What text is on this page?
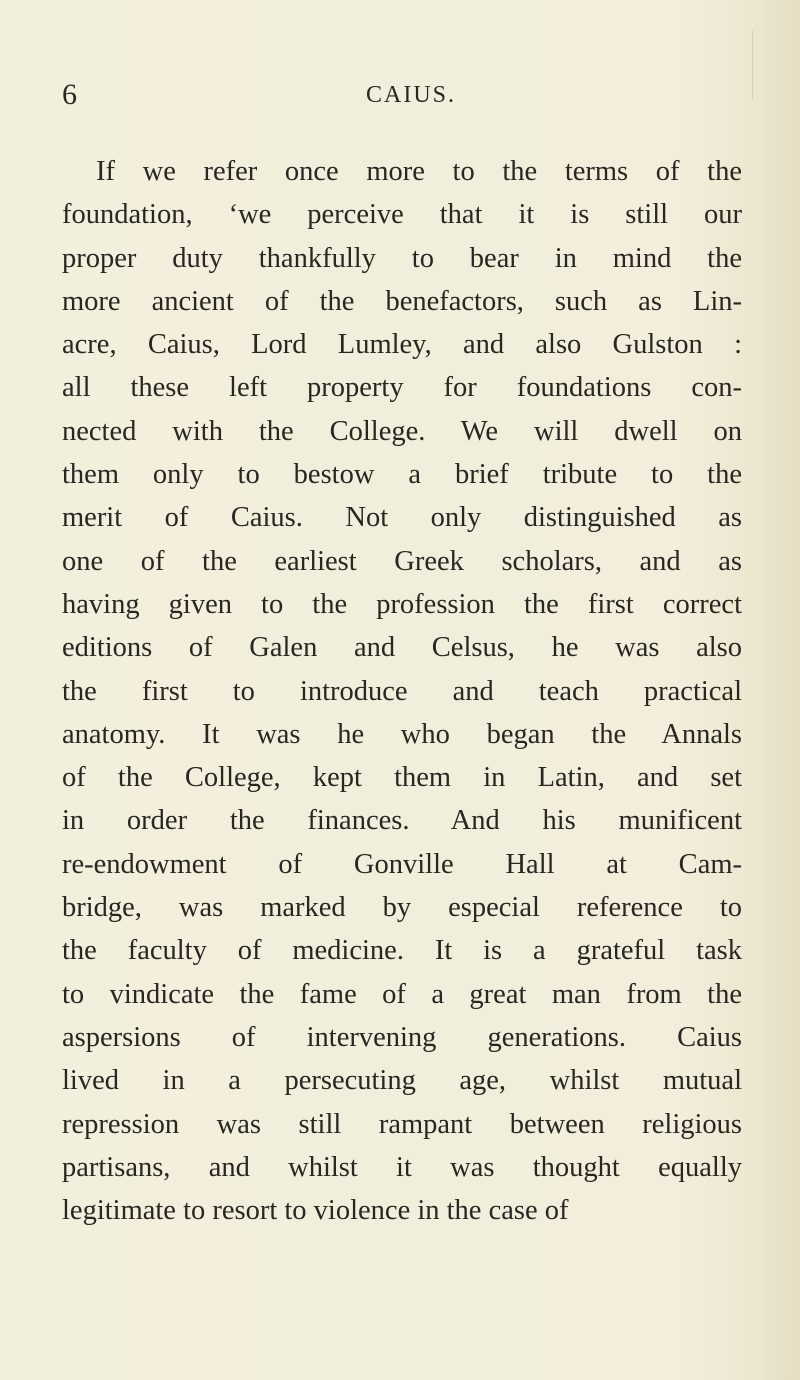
6	CAIUS.
If we refer once more to the terms of the
foundation, ‘we perceive that it is still our
proper duty thankfully to bear in mind the
more ancient of the benefactors, such as Lin-
acre, Caius, Lord Lumley, and also Gulston :
all these left property for foundations con-
nected with the College. We will dwell on
them only to bestow a brief tribute to the
merit of Caius. Not only distinguished as
one of the earliest Greek scholars, and as
having given to the profession the first correct
editions of Galen and Celsus, he was also
the first to introduce and teach practical
anatomy. It was he who began the Annals
of the College, kept them in Latin, and set
in order the finances. And his munificent
re-endowment of Gonville Hall at Cam-
bridge, was marked by especial reference to
the faculty of medicine. It is a grateful task
to vindicate the fame of a great man from the
aspersions of intervening generations. Caius
lived in a persecuting age, whilst mutual
repression was still rampant between religious
partisans, and whilst it was thought equally
legitimate to resort to violence in the case of
